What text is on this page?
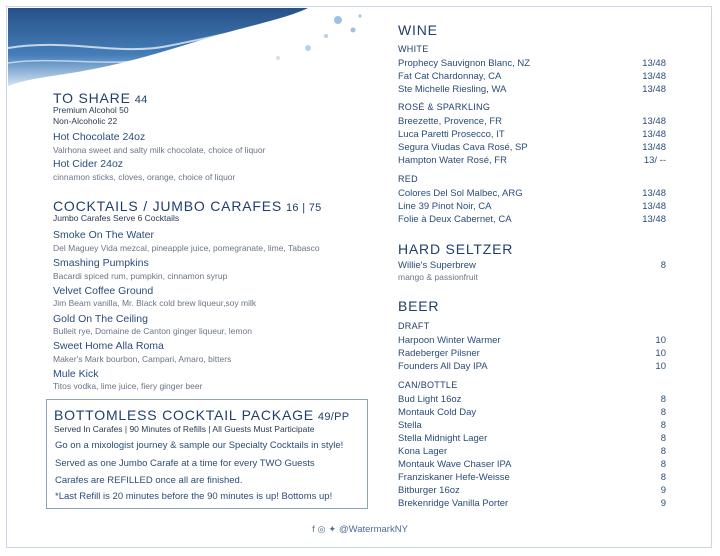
TO SHARE 44
Premium Alcohol 50
Non-Alcoholic 22
Hot Chocolate 24oz
Valrhona sweet and salty milk chocolate, choice of liquor
Hot Cider 24oz
cinnamon sticks, cloves, orange, choice of liquor
COCKTAILS / JUMBO CARAFES 16 | 75
Jumbo Carafes Serve 6 Cocktails
Smoke On The Water
Del Maguey Vida mezcal, pineapple juice, pomegranate, lime, Tabasco
Smashing Pumpkins
Bacardi spiced rum, pumpkin, cinnamon syrup
Velvet Coffee Ground
Jim Beam vanilla, Mr. Black cold brew liqueur,soy milk
Gold On The Ceiling
Bulleit rye, Domaine de Canton ginger liqueur, lemon
Sweet Home Alla Roma
Maker's Mark bourbon, Campari, Amaro, bitters
Mule Kick
Titos vodka, lime juice, fiery ginger beer
BOTTOMLESS COCKTAIL PACKAGE 49/PP
Served In Carafes | 90 Minutes of Refills | All Guests Must Participate
Go on a mixologist journey & sample our Specialty Cocktails in style!
Served as one Jumbo Carafe at a time for every TWO Guests
Carafes are REFILLED once all are finished.
*Last Refill is 20 minutes before the 90 minutes is up! Bottoms up!
WINE
WHITE
Prophecy Sauvignon Blanc, NZ	13/48
Fat Cat Chardonnay, CA	13/48
Ste Michelle Riesling, WA	13/48
ROSÉ & SPARKLING
Breezette, Provence, FR	13/48
Luca Paretti Prosecco, IT	13/48
Segura Viudas Cava Rosé, SP	13/48
Hampton Water Rosé, FR	13/ --
RED
Colores Del Sol Malbec, ARG	13/48
Line 39 Pinot Noir, CA	13/48
Folie à Deux Cabernet, CA	13/48
HARD SELTZER
Willie's Superbrew	8
mango & passionfruit
BEER
DRAFT
Harpoon Winter Warmer	10
Radeberger Pilsner	10
Founders All Day IPA	10
CAN/BOTTLE
Bud Light 16oz	8
Montauk Cold Day	8
Stella	8
Stella Midnight Lager	8
Kona Lager	8
Montauk Wave Chaser IPA	8
Franziskaner Hefe-Weisse	8
Bitburger 16oz	9
Brekenridge Vanilla Porter	9
f ◎ ✦ @WatermarkNY
